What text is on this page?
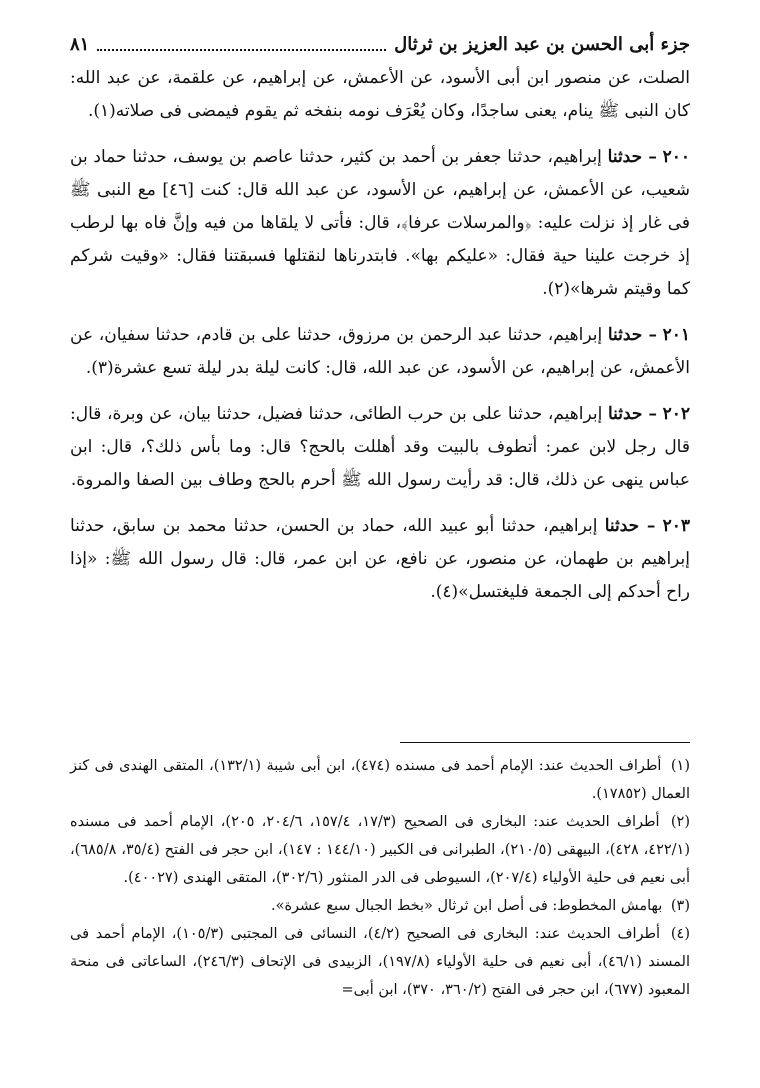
جزء أبى الحسن بن عبد العزيز بن ثرثال
٨١

الصلت، عن منصور ابن أبى الأسود، عن الأعمش، عن إبراهيم، عن علقمة، عن عبد الله: كان النبى ﷺ ينام، يعنى ساجدًا، وكان يُعْرَف نومه بنفخه ثم يقوم فيمضى فى صلاته(١).

٢٠٠ – حدثنا إبراهيم، حدثنا جعفر بن أحمد بن كثير، حدثنا عاصم بن يوسف، حدثنا حماد بن شعيب، عن الأعمش، عن إبراهيم، عن الأسود، عن عبد الله قال: كنت [٤٦] مع النبى ﷺ فى غار إذ نزلت عليه: ﴿والمرسلات عرفا﴾، قال: فأتى لا يلقاها من فيه وإنَّ فاه بها لرطب إذ خرجت علينا حية فقال: «عليكم بها». فابتدرناها لنقتلها فسبقتنا فقال: «وقيت شركم كما وقيتم شرها»(٢).

٢٠١ – حدثنا إبراهيم، حدثنا عبد الرحمن بن مرزوق، حدثنا على بن قادم، حدثنا سفيان، عن الأعمش، عن إبراهيم، عن الأسود، عن عبد الله، قال: كانت ليلة بدر ليلة تسع عشرة(٣).

٢٠٢ – حدثنا إبراهيم، حدثنا على بن حرب الطائى، حدثنا فضيل، حدثنا بيان، عن وبرة، قال: قال رجل لابن عمر: أتطوف بالبيت وقد أهللت بالحج؟ قال: وما بأس ذلك؟، قال: ابن عباس ينهى عن ذلك، قال: قد رأيت رسول الله ﷺ أحرم بالحج وطاف بين الصفا والمروة.

٢٠٣ – حدثنا إبراهيم، حدثنا أبو عبيد الله، حماد بن الحسن، حدثنا محمد بن سابق، حدثنا إبراهيم بن طهمان، عن منصور، عن نافع، عن ابن عمر، قال: قال رسول الله ﷺ: «إذا راح أحدكم إلى الجمعة فليغتسل»(٤).

(١) أطراف الحديث عند: الإمام أحمد فى مسنده (٤٧٤)، ابن أبى شيبة (١٣٢/١)، المتقى الهندى فى كنز العمال (١٧٨٥٢).

(٢) أطراف الحديث عند: البخارى فى الصحيح (١٧/٣، ١٥٧/٤، ٢٠٤/٦، ٢٠٥)، الإمام أحمد فى مسنده (٤٢٢/١، ٤٢٨)، البيهقى (٢١٠/٥)، الطبرانى فى الكبير (١٤٤/١٠ : ١٤٧)، ابن حجر فى الفتح (٣٥/٤، ٦٨٥/٨)، أبى نعيم فى حلية الأولياء (٢٠٧/٤)، السيوطى فى الدر المنثور (٣٠٢/٦)، المتقى الهندى (٤٠٠٢٧).

(٣) بهامش المخطوط: فى أصل ابن ثرثال «بخط الجبال سبع عشرة».

(٤) أطراف الحديث عند: البخارى فى الصحيح (٤/٢)، النسائى فى المجتبى (١٠٥/٣)، الإمام أحمد فى المسند (٤٦/١)، أبى نعيم فى حلية الأولياء (١٩٧/٨)، الزبيدى فى الإتحاف (٢٤٦/٣)، الساعاتى فى منحة المعبود (٦٧٧)، ابن حجر فى الفتح (٣٦٠/٢، ٣٧٠)، ابن أبى=
